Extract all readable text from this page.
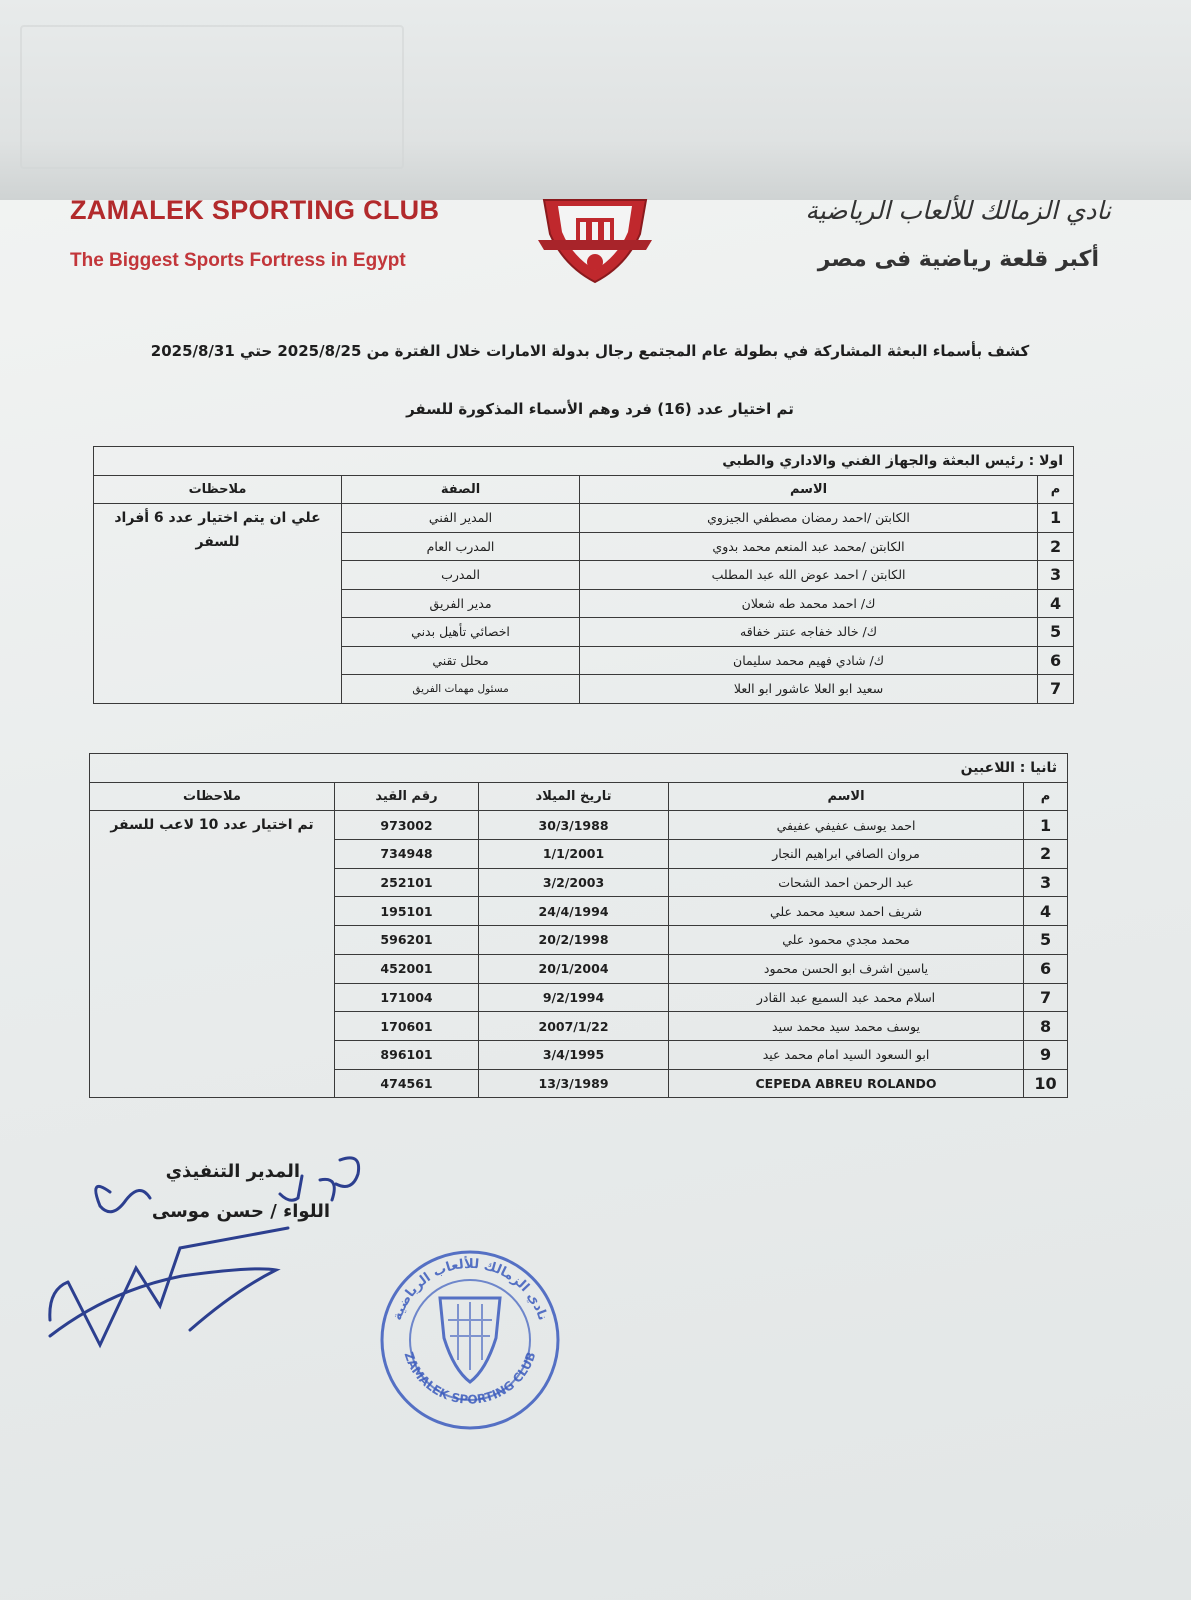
ZAMALEK SPORTING CLUB
The Biggest Sports Fortress in Egypt
نادي الزمالك للألعاب الرياضية
أكبر قلعة رياضية فى مصر
كشف بأسماء البعثة المشاركة في بطولة عام المجتمع رجال بدولة الامارات خلال الفترة من 2025/8/25 حتي 2025/8/31
تم اختيار عدد (16) فرد وهم الأسماء المذكورة للسفر
اولا : رئيس البعثة والجهاز الفني والاداري والطبي			
م	الاسم	الصفة	ملاحظات
1	الكابتن /احمد رمضان مصطفي الجيزوي	المدير الفني	علي ان يتم اختيار عدد 6 أفراد للسفر
2	الكابتن /محمد عبد المنعم محمد بدوي	المدرب العام	
3	الكابتن / احمد عوض الله عبد المطلب	المدرب	
4	ك/ احمد محمد طه شعلان	مدير الفريق	
5	ك/ خالد خفاجه عنتر خفاقه	اخصائي تأهيل بدني	
6	ك/ شادي فهيم محمد سليمان	محلل تقني	
7	سعيد ابو العلا عاشور ابو العلا	مسئول مهمات الفريق	
ثانيا : اللاعبين				
م	الاسم	تاريخ الميلاد	رقم القيد	ملاحظات
1	احمد يوسف عفيفي عفيفي	30/3/1988	973002	تم اختيار عدد 10 لاعب للسفر
2	مروان الصافي ابراهيم النجار	1/1/2001	734948	
3	عبد الرحمن احمد الشحات	3/2/2003	252101	
4	شريف احمد سعيد محمد علي	24/4/1994	195101	
5	محمد مجدي محمود علي	20/2/1998	596201	
6	ياسين اشرف ابو الحسن محمود	20/1/2004	452001	
7	اسلام محمد عبد السميع عبد القادر	9/2/1994	171004	
8	يوسف محمد سيد محمد سيد	2007/1/22	170601	
9	ابو السعود السيد امام محمد عيد	3/4/1995	896101	
10	CEPEDA ABREU ROLANDO	13/3/1989	474561	
المدير التنفيذي
اللواء / حسن موسى
نادي الزمالك للألعاب الرياضية
ZAMALEK SPORTING CLUB
